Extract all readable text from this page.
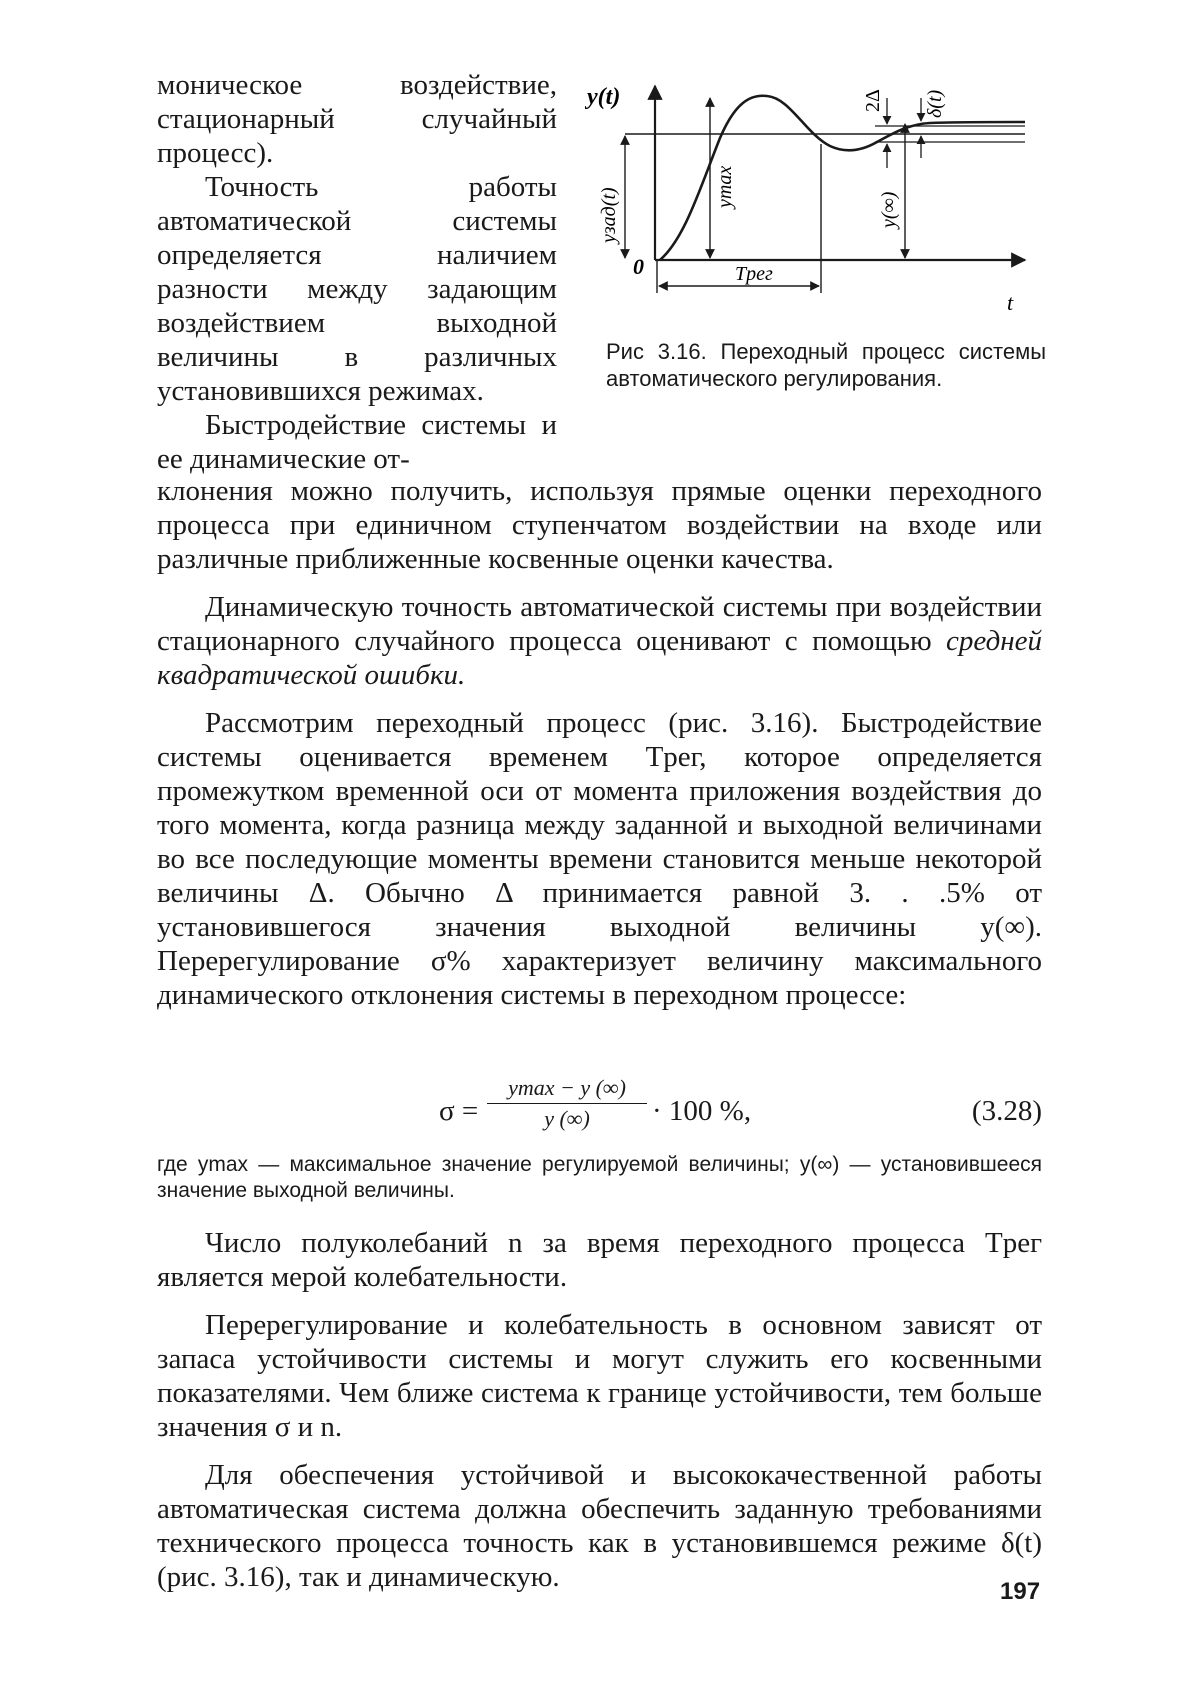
моническое воздействие, стационарный случайный процесс).

Точность работы автоматической системы определяется наличием разности между задающим воздействием выходной величины в различных установившихся режимах.

Быстродействие системы и ее динамические от-

y(t)
0
t
Tрег
yзад(t)
ymax
y(∞)
2Δ δ(t)
Рис 3.16. Переходный процесс системы автоматического регулирования.

клонения можно получить, используя прямые оценки переходного процесса при единичном ступенчатом воздействии на входе или различные приближенные косвенные оценки качества.

Динамическую точность автоматической системы при воздействии стационарного случайного процесса оценивают с помощью средней квадратической ошибки.

Рассмотрим переходный процесс (рис. 3.16). Быстродействие системы оценивается временем Tрег, которое определяется промежутком временной оси от момента приложения воздействия до того момента, когда разница между заданной и выходной величинами во все последующие моменты времени становится меньше некоторой величины Δ. Обычно Δ принимается равной 3. . .5% от установившегося значения выходной величины y(∞). Перерегулирование σ% характеризует величину максимального динамического отклонения системы в переходном процессе:

σ =
ymax − y (∞)
y (∞)	· 100 %,	(3.28)
где ymax — максимальное значение регулируемой величины; y(∞) — установившееся значение выходной величины.

Число полуколебаний n за время переходного процесса Tрег является мерой колебательности.

Перерегулирование и колебательность в основном зависят от запаса устойчивости системы и могут служить его косвенными показателями. Чем ближе система к границе устойчивости, тем больше значения σ и n.

Для обеспечения устойчивой и высококачественной работы автоматическая система должна обеспечить заданную требованиями технического процесса точность как в установившемся режиме δ(t) (рис. 3.16), так и динамическую.	197
